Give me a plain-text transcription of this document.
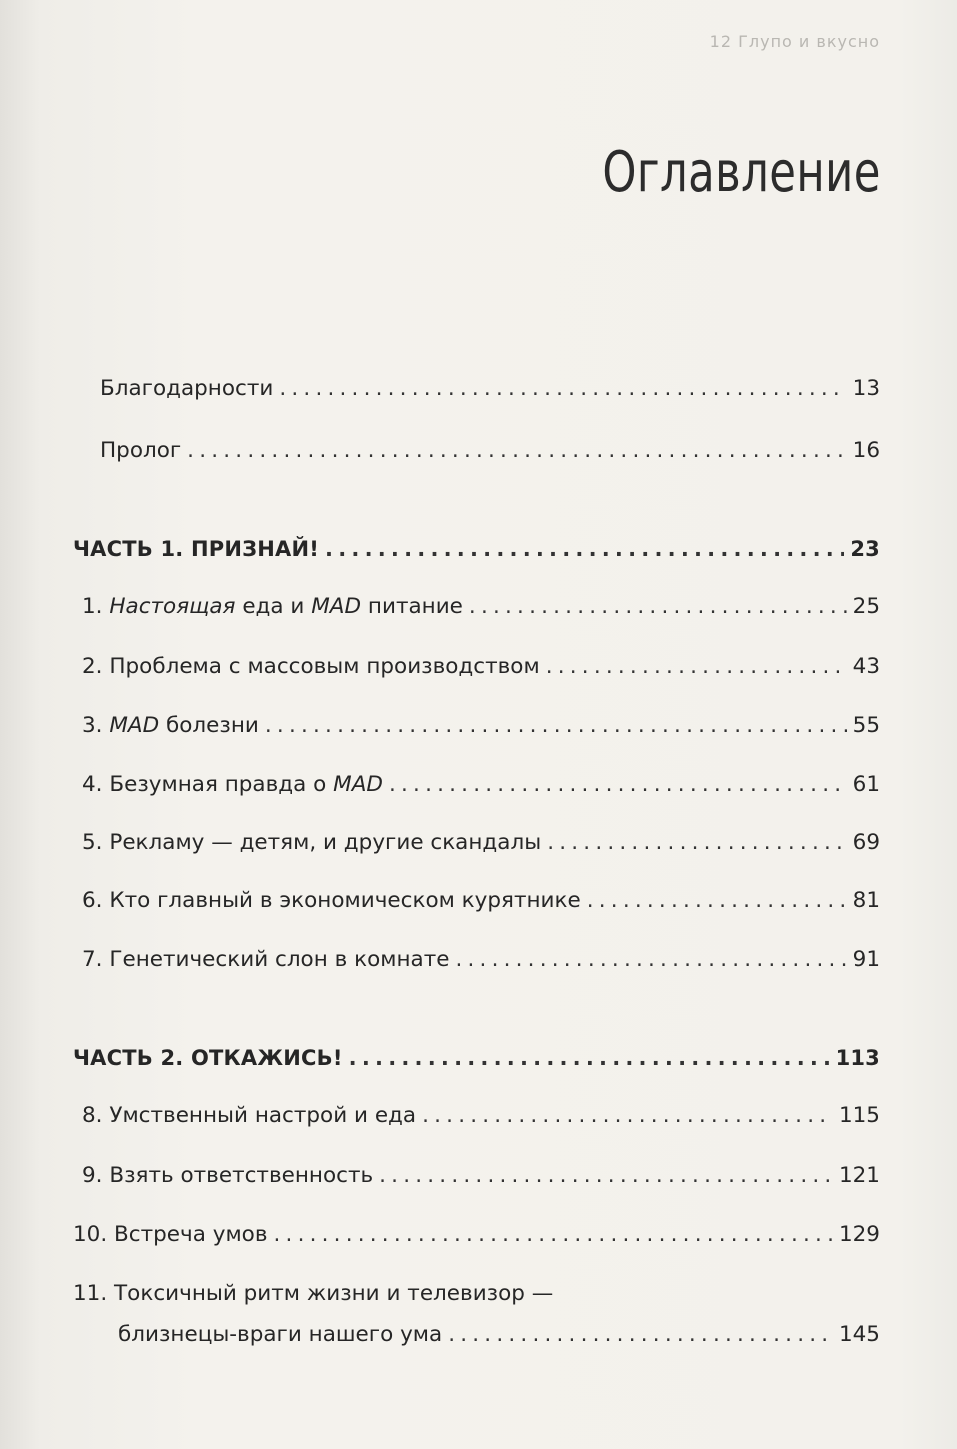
12 Глупо и вкусно
Оглавление
Благодарности .....	13
Пролог .....	16
ЧАСТЬ 1. ПРИЗНАЙ! .....	23
1. Настоящая еда и MAD питание .....	25
2. Проблема с массовым производством .....	43
3. MAD болезни .....	55
4. Безумная правда о MAD .....	61
5. Рекламу — детям, и другие скандалы .....	69
6. Кто главный в экономическом курятнике .....	81
7. Генетический слон в комнате .....	91
ЧАСТЬ 2. ОТКАЖИСЬ! .....	113
8. Умственный настрой и еда .....	115
9. Взять ответственность .....	121
10. Встреча умов .....	129
11. Токсичный ритм жизни и телевизор —
близнецы-враги нашего ума .....	145
